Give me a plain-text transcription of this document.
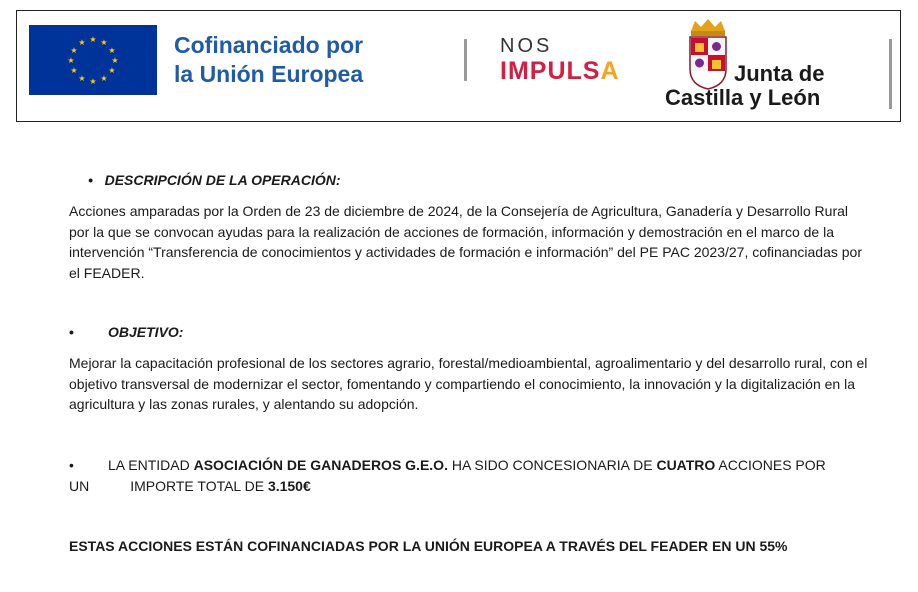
★ ★
★
★
★
★
★
★
★
★
★
★	Cofinanciado por
la Unión Europea
NOS
IMPULSA	Junta de
Castilla y León
• DESCRIPCIÓN DE LA OPERACIÓN:

Acciones amparadas por la Orden de 23 de diciembre de 2024, de la Consejería de Agricultura, Ganadería y Desarrollo Rural por la que se convocan ayudas para la realización de acciones de formación, información y demostración en el marco de la intervención “Transferencia de conocimientos y actividades de formación e información” del PE PAC 2023/27, cofinanciadas por el FEADER.

• OBJETIVO:

Mejorar la capacitación profesional de los sectores agrario, forestal/medioambiental, agroalimentario y del desarrollo rural, con el objetivo transversal de modernizar el sector, fomentando y compartiendo el conocimiento, la innovación y la digitalización en la agricultura y las zonas rurales, y alentando su adopción.

• LA ENTIDAD ASOCIACIÓN DE GANADEROS G.E.O. HA SIDO CONCESIONARIA DE CUATRO ACCIONES POR
UN	IMPORTE TOTAL DE 3.150€
ESTAS ACCIONES ESTÁN COFINANCIADAS POR LA UNIÓN EUROPEA A TRAVÉS DEL FEADER EN UN 55%
